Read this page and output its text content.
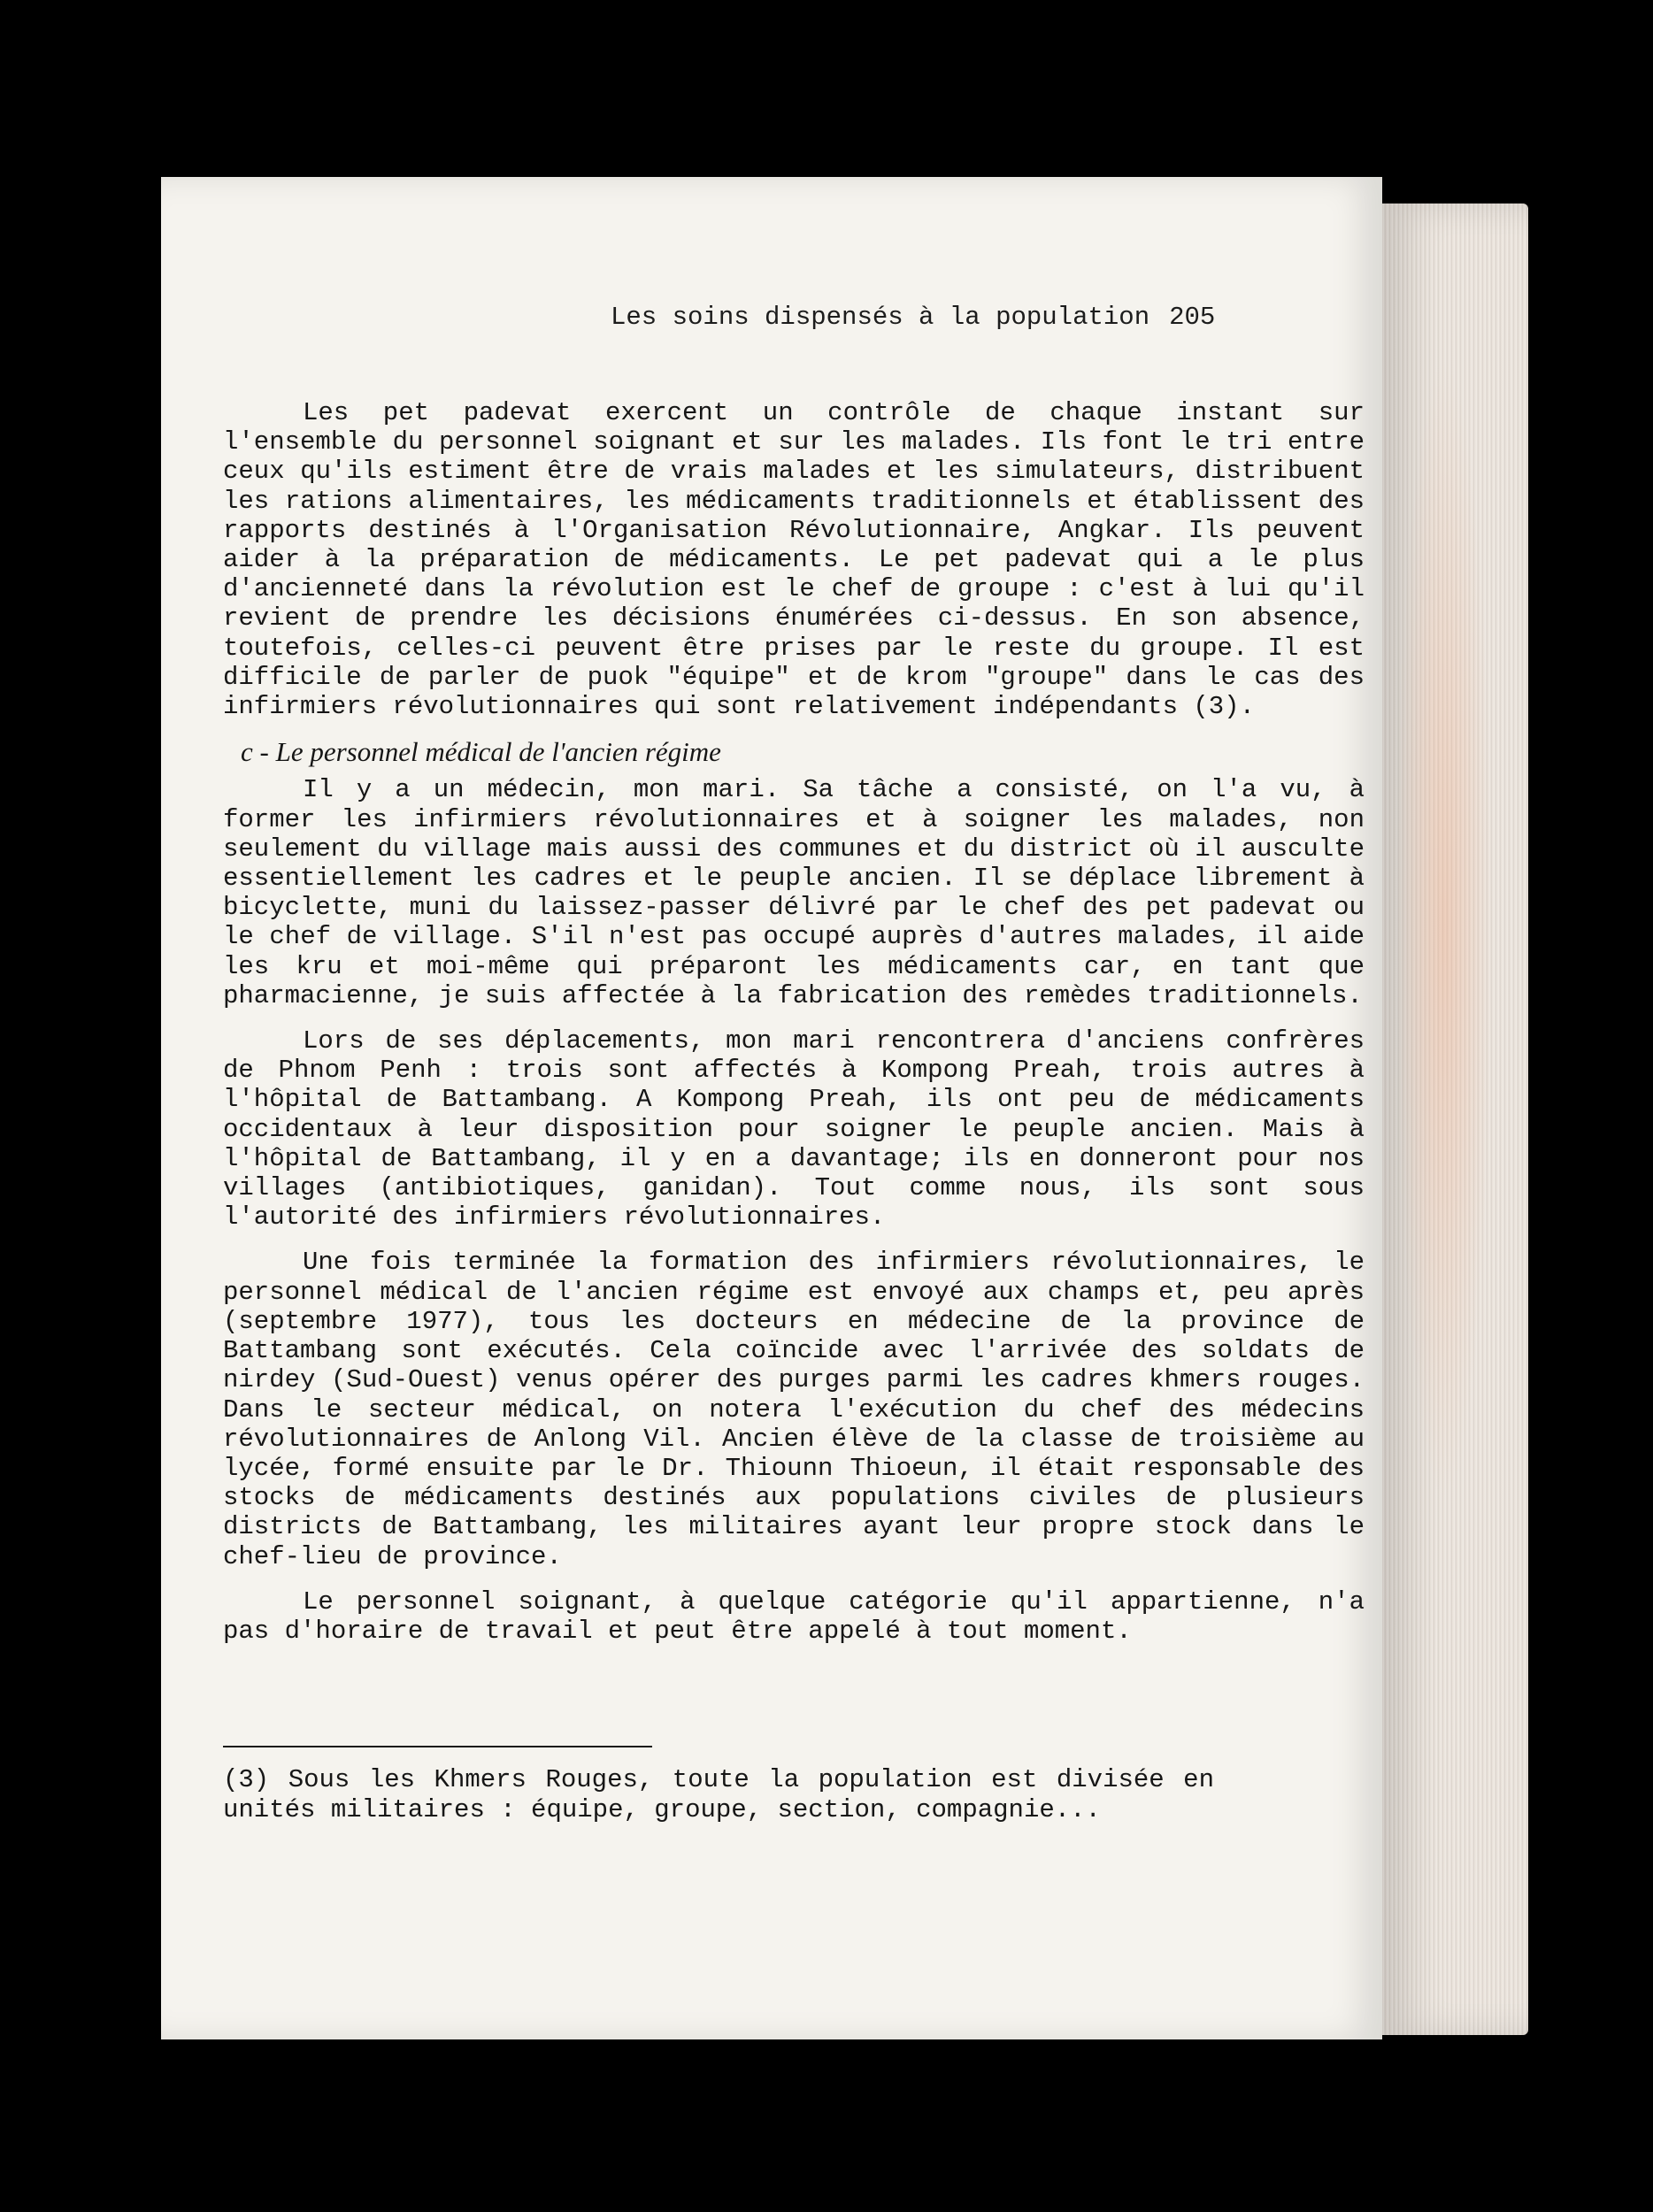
Les soins dispensés à la population 205

Les pet padevat exercent un contrôle de chaque instant sur l'ensemble du personnel soignant et sur les malades. Ils font le tri entre ceux qu'ils estiment être de vrais malades et les simulateurs, distribuent les rations alimentaires, les médicaments traditionnels et établissent des rapports destinés à l'Organisation Révolutionnaire, Angkar. Ils peuvent aider à la préparation de médicaments. Le pet padevat qui a le plus d'ancienneté dans la révolution est le chef de groupe : c'est à lui qu'il revient de prendre les décisions énumérées ci-dessus. En son absence, toutefois, celles-ci peuvent être prises par le reste du groupe. Il est difficile de parler de puok "équipe" et de krom "groupe" dans le cas des infirmiers révolutionnaires qui sont relativement indépendants (3).

c - Le personnel médical de l'ancien régime

Il y a un médecin, mon mari. Sa tâche a consisté, on l'a vu, à former les infirmiers révolutionnaires et à soigner les malades, non seulement du village mais aussi des communes et du district où il ausculte essentiellement les cadres et le peuple ancien. Il se déplace librement à bicyclette, muni du laissez-passer délivré par le chef des pet padevat ou le chef de village. S'il n'est pas occupé auprès d'autres malades, il aide les kru et moi-même qui préparont les médicaments car, en tant que pharmacienne, je suis affectée à la fabrication des remèdes traditionnels.

Lors de ses déplacements, mon mari rencontrera d'anciens confrères de Phnom Penh : trois sont affectés à Kompong Preah, trois autres à l'hôpital de Battambang. A Kompong Preah, ils ont peu de médicaments occidentaux à leur disposition pour soigner le peuple ancien. Mais à l'hôpital de Battambang, il y en a davantage; ils en donneront pour nos villages (antibiotiques, ganidan). Tout comme nous, ils sont sous l'autorité des infirmiers révolutionnaires.

Une fois terminée la formation des infirmiers révolutionnaires, le personnel médical de l'ancien régime est envoyé aux champs et, peu après (septembre 1977), tous les docteurs en médecine de la province de Battambang sont exécutés. Cela coïncide avec l'arrivée des soldats de nirdey (Sud-Ouest) venus opérer des purges parmi les cadres khmers rouges. Dans le secteur médical, on notera l'exécution du chef des médecins révolutionnaires de Anlong Vil. Ancien élève de la classe de troisième au lycée, formé ensuite par le Dr. Thiounn Thioeun, il était responsable des stocks de médicaments destinés aux populations civiles de plusieurs districts de Battambang, les militaires ayant leur propre stock dans le chef-lieu de province.

Le personnel soignant, à quelque catégorie qu'il appartienne, n'a pas d'horaire de travail et peut être appelé à tout moment.

(3) Sous les Khmers Rouges, toute la population est divisée en unités militaires : équipe, groupe, section, compagnie...
